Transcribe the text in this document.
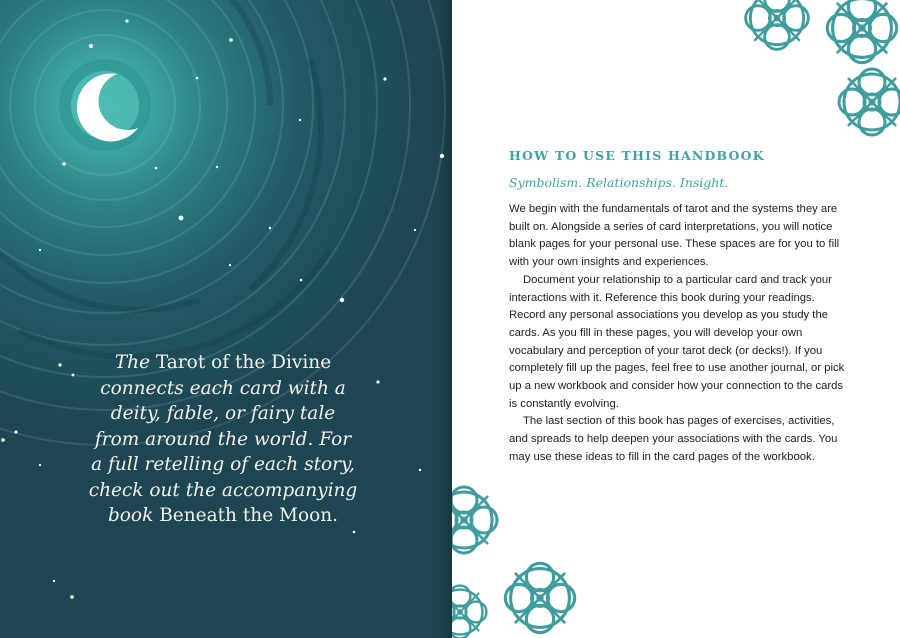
The Tarot of the Divine connects each card with a deity, fable, or fairy tale from around the world. For a full retelling of each story, check out the accompanying book Beneath the Moon.
HOW TO USE THIS HANDBOOK

Symbolism. Relationships. Insight.

We begin with the fundamentals of tarot and the systems they are built on. Alongside a series of card interpretations, you will notice blank pages for your personal use. These spaces are for you to fill with your own insights and experiences.

Document your relationship to a particular card and track your interactions with it. Reference this book during your readings. Record any personal associations you develop as you study the cards. As you fill in these pages, you will develop your own vocabulary and perception of your tarot deck (or decks!). If you completely fill up the pages, feel free to use another journal, or pick up a new workbook and consider how your connection to the cards is constantly evolving.

The last section of this book has pages of exercises, activities, and spreads to help deepen your associations with the cards. You may use these ideas to fill in the card pages of the workbook.
